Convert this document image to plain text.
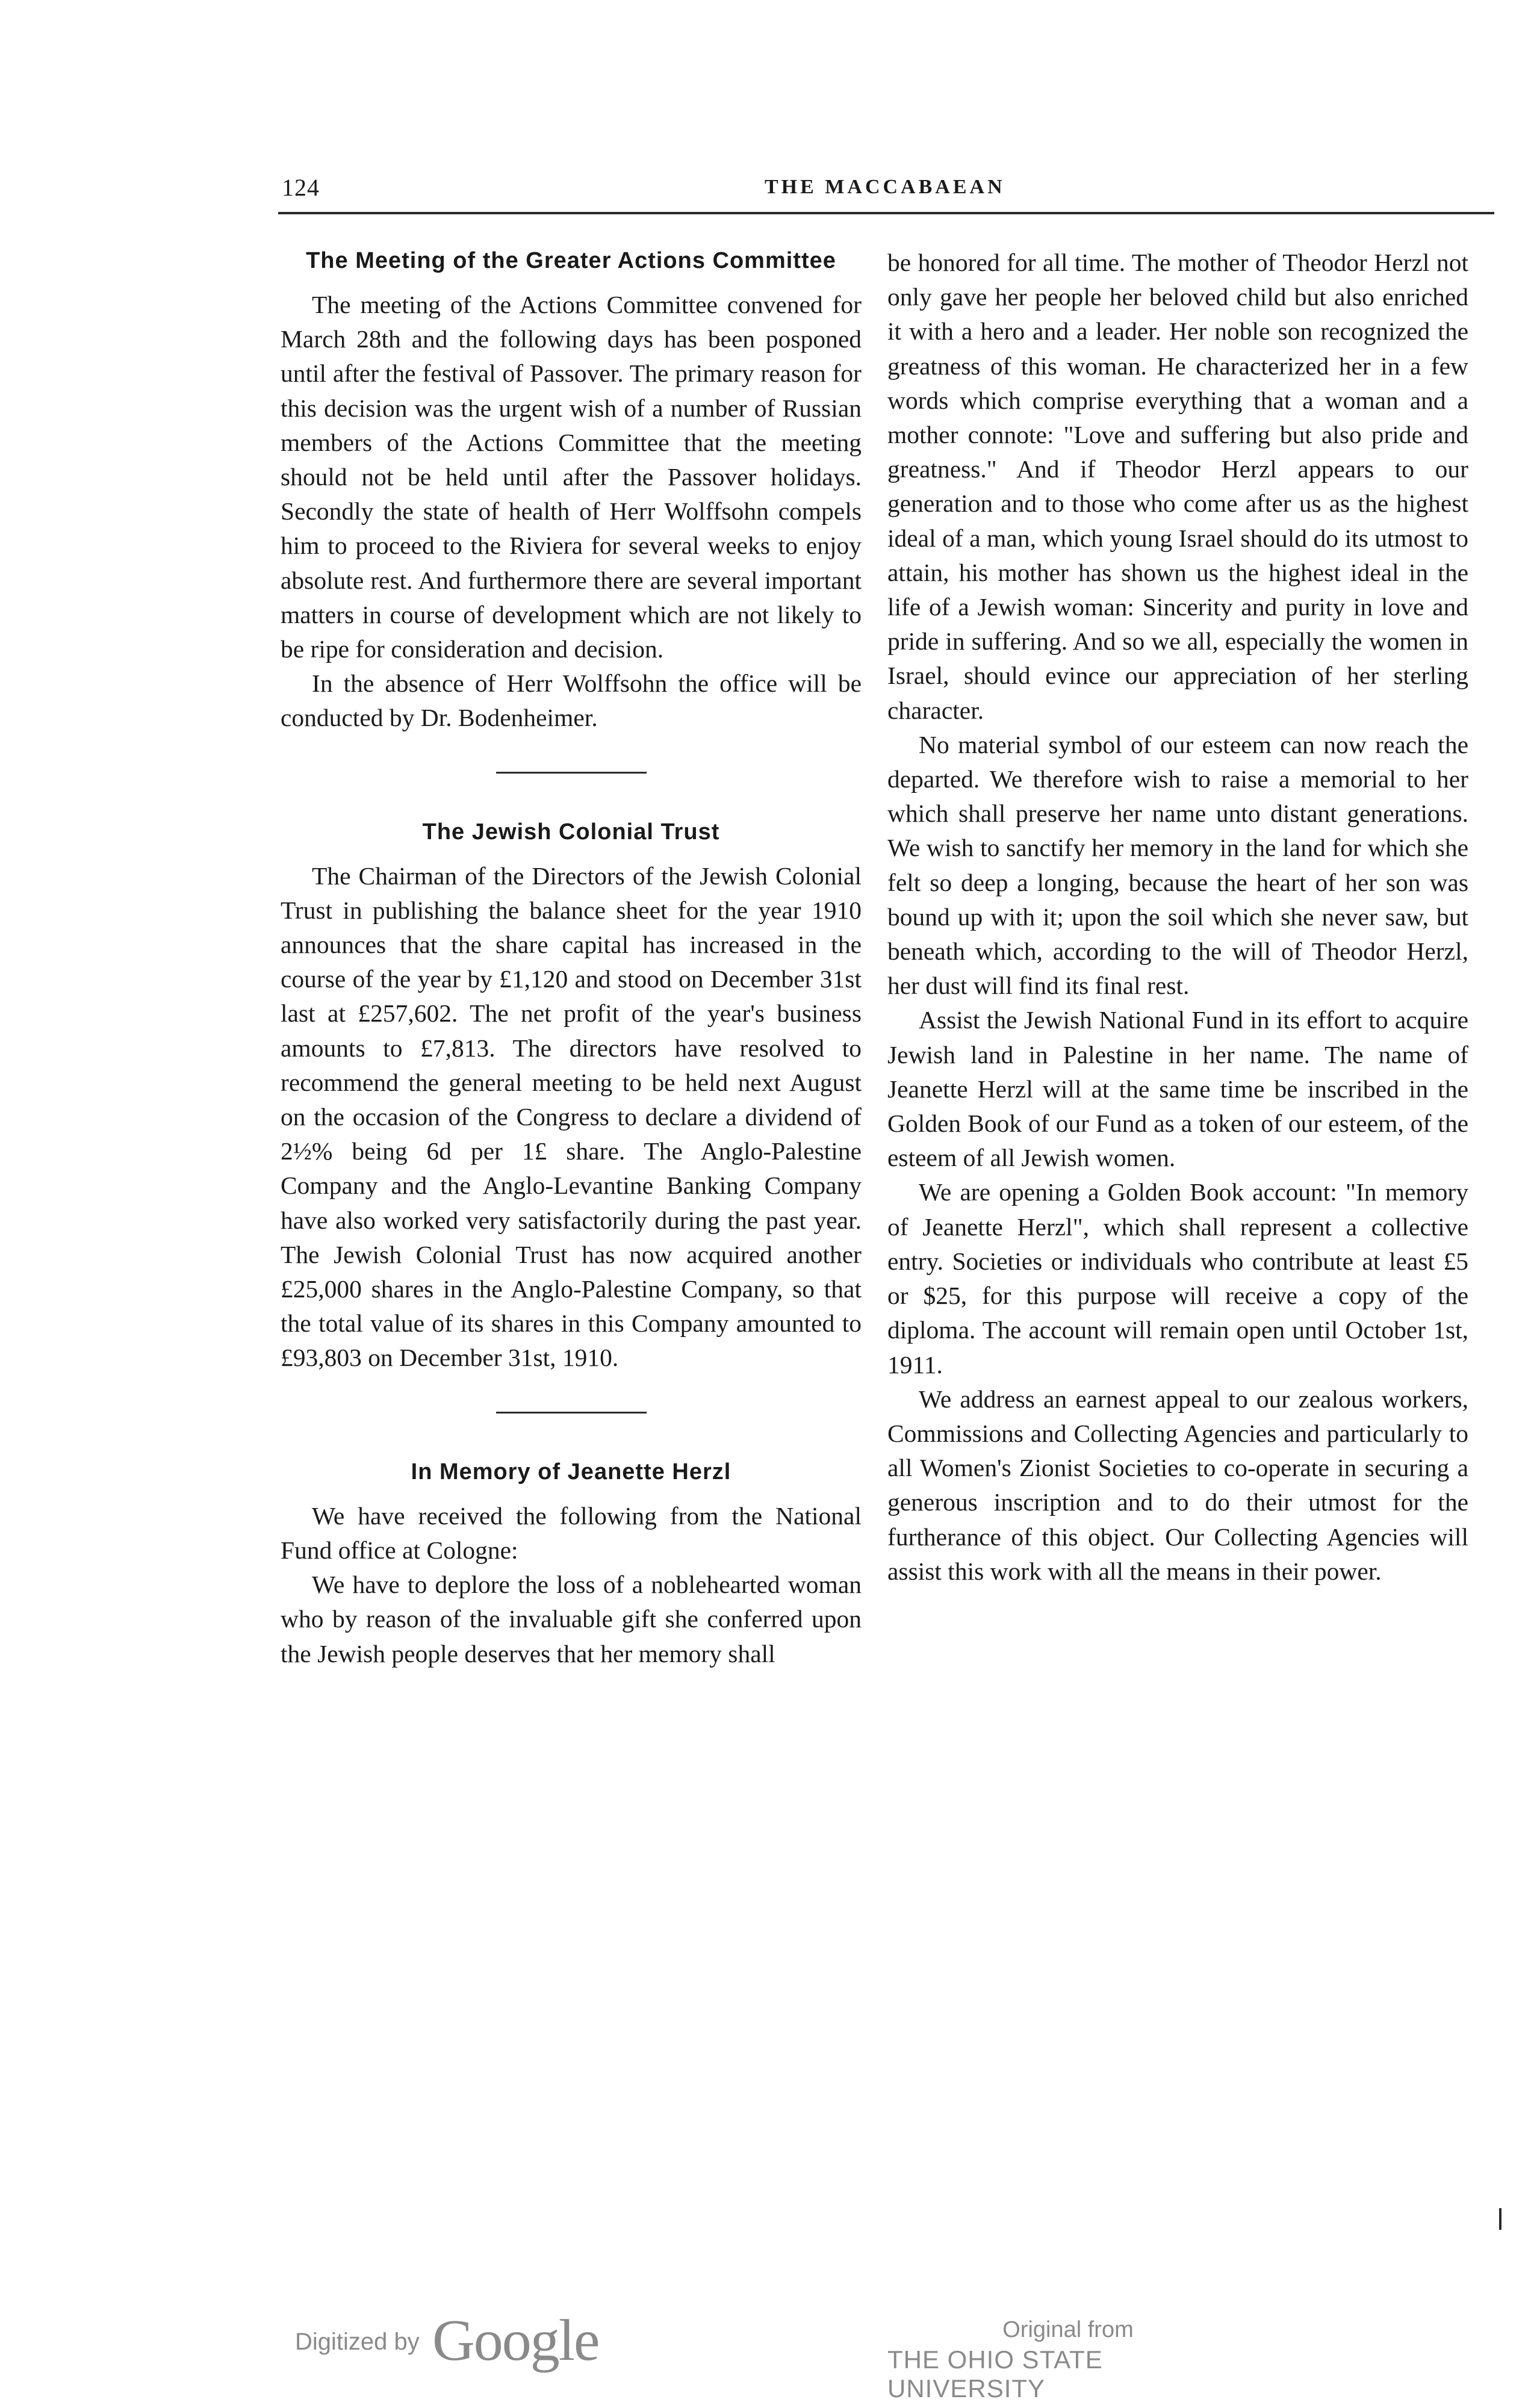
124	THE MACCABAEAN
The Meeting of the Greater Actions Committee

The meeting of the Actions Committee convened for March 28th and the following days has been posponed until after the festival of Passover. The primary reason for this decision was the urgent wish of a number of Russian members of the Actions Committee that the meeting should not be held until after the Passover holidays. Secondly the state of health of Herr Wolffsohn compels him to proceed to the Riviera for several weeks to enjoy absolute rest. And furthermore there are several important matters in course of development which are not likely to be ripe for consideration and decision.

In the absence of Herr Wolffsohn the office will be conducted by Dr. Bodenheimer.

The Jewish Colonial Trust

The Chairman of the Directors of the Jewish Colonial Trust in publishing the balance sheet for the year 1910 announces that the share capital has increased in the course of the year by £1,120 and stood on December 31st last at £257,602. The net profit of the year's business amounts to £7,813. The directors have resolved to recommend the general meeting to be held next August on the occasion of the Congress to declare a dividend of 2½% being 6d per 1£ share. The Anglo-Palestine Company and the Anglo-Levantine Banking Company have also worked very satisfactorily during the past year. The Jewish Colonial Trust has now acquired another £25,000 shares in the Anglo-Palestine Company, so that the total value of its shares in this Company amounted to £93,803 on December 31st, 1910.

In Memory of Jeanette Herzl

We have received the following from the National Fund office at Cologne:

We have to deplore the loss of a noblehearted woman who by reason of the invaluable gift she conferred upon the Jewish people deserves that her memory shall

be honored for all time. The mother of Theodor Herzl not only gave her people her beloved child but also enriched it with a hero and a leader. Her noble son recognized the greatness of this woman. He characterized her in a few words which comprise everything that a woman and a mother connote: "Love and suffering but also pride and greatness." And if Theodor Herzl appears to our generation and to those who come after us as the highest ideal of a man, which young Israel should do its utmost to attain, his mother has shown us the highest ideal in the life of a Jewish woman: Sincerity and purity in love and pride in suffering. And so we all, especially the women in Israel, should evince our appreciation of her sterling character.

No material symbol of our esteem can now reach the departed. We therefore wish to raise a memorial to her which shall preserve her name unto distant generations. We wish to sanctify her memory in the land for which she felt so deep a longing, because the heart of her son was bound up with it; upon the soil which she never saw, but beneath which, according to the will of Theodor Herzl, her dust will find its final rest.

Assist the Jewish National Fund in its effort to acquire Jewish land in Palestine in her name. The name of Jeanette Herzl will at the same time be inscribed in the Golden Book of our Fund as a token of our esteem, of the esteem of all Jewish women.

We are opening a Golden Book account: "In memory of Jeanette Herzl", which shall represent a collective entry. Societies or individuals who contribute at least £5 or $25, for this purpose will receive a copy of the diploma. The account will remain open until October 1st, 1911.

We address an earnest appeal to our zealous workers, Commissions and Collecting Agencies and particularly to all Women's Zionist Societies to co-operate in securing a generous inscription and to do their utmost for the furtherance of this object. Our Collecting Agencies will assist this work with all the means in their power.

Digitized by Google	Original from
THE OHIO STATE UNIVERSITY
